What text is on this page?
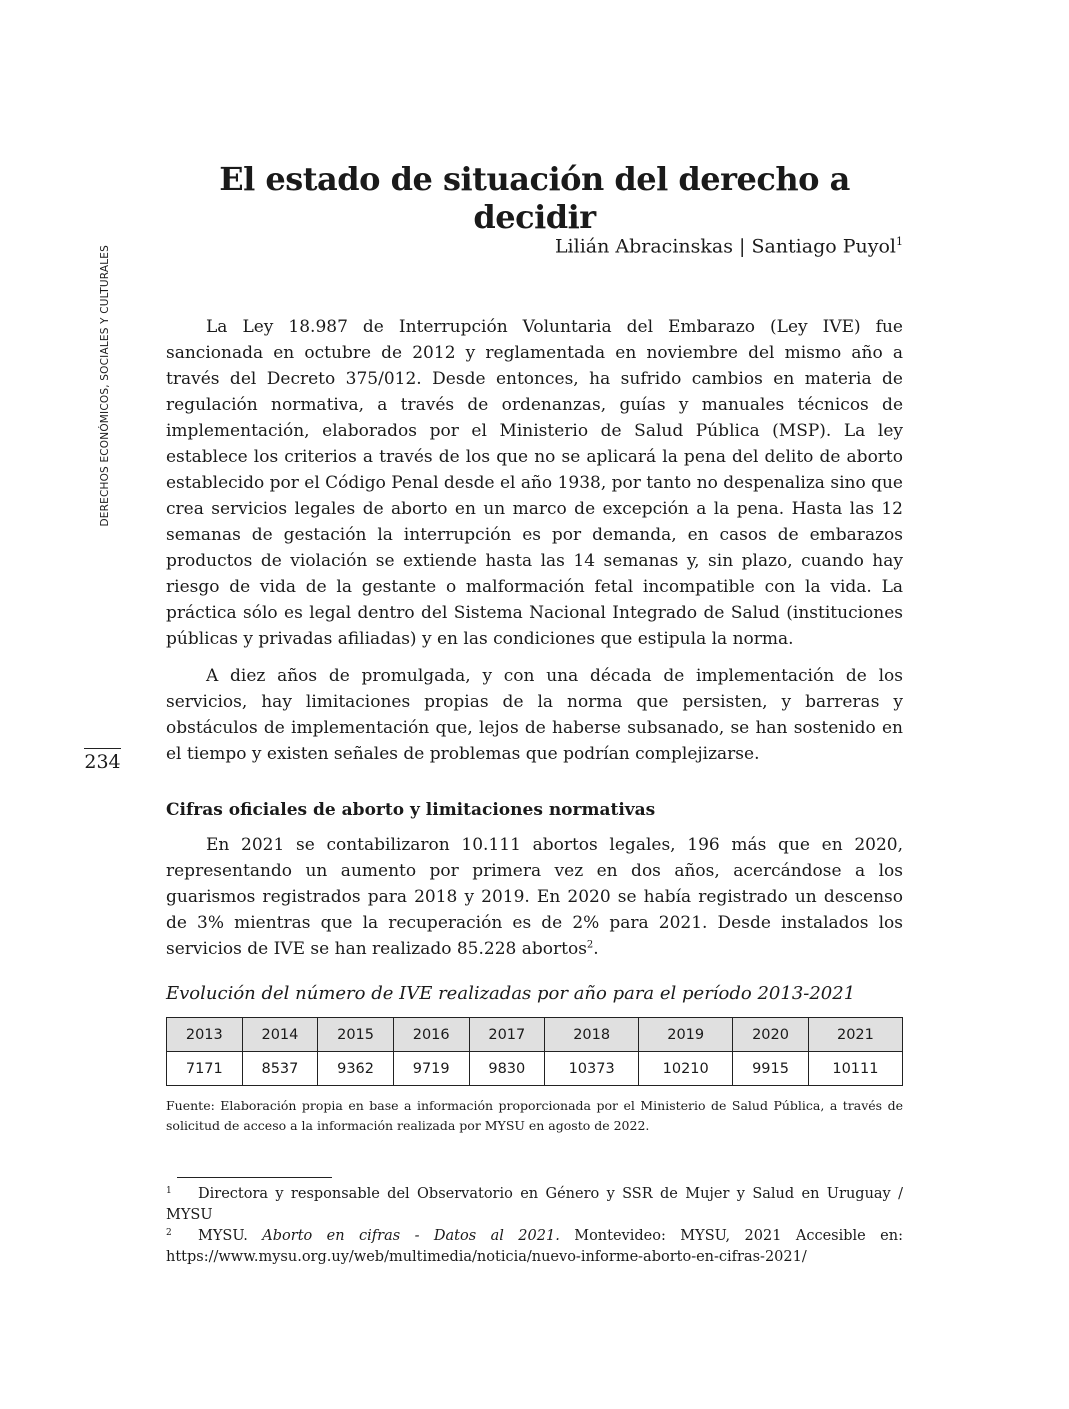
DERECHOS ECONÓMICOS, SOCIALES Y CULTURALES
234
El estado de situación del derecho a decidir
Lilián Abracinskas | Santiago Puyol$^1$

La Ley 18.987 de Interrupción Voluntaria del Embarazo (Ley IVE) fue sancionada en octubre de 2012 y reglamentada en noviembre del mismo año a través del Decreto 375/012. Desde entonces, ha sufrido cambios en materia de regulación normativa, a través de ordenanzas, guías y manuales técnicos de implementación, elaborados por el Ministerio de Salud Pública (MSP). La ley establece los criterios a través de los que no se aplicará la pena del delito de aborto establecido por el Código Penal desde el año 1938, por tanto no despenaliza sino que crea servicios legales de aborto en un marco de excepción a la pena. Hasta las 12 semanas de gestación la interrupción es por demanda, en casos de embarazos productos de violación se extiende hasta las 14 semanas y, sin plazo, cuando hay riesgo de vida de la gestante o malformación fetal incompatible con la vida. La práctica sólo es legal dentro del Sistema Nacional Integrado de Salud (instituciones públicas y privadas afiliadas) y en las condiciones que estipula la norma.

A diez años de promulgada, y con una década de implementación de los servicios, hay limitaciones propias de la norma que persisten, y barreras y obstáculos de implementación que, lejos de haberse subsanado, se han sostenido en el tiempo y existen señales de problemas que podrían complejizarse.

Cifras oficiales de aborto y limitaciones normativas

En 2021 se contabilizaron 10.111 abortos legales, 196 más que en 2020, representando un aumento por primera vez en dos años, acercándose a los guarismos registrados para 2018 y 2019. En 2020 se había registrado un descenso de 3% mientras que la recuperación es de 2% para 2021. Desde instalados los servicios de IVE se han realizado 85.228 abortos$^2$.

Evolución del número de IVE realizadas por año para el período 2013-2021
2013	2014	2015	2016	2017	2018	2019	2020	2021
7171	8537	9362	9719	9830	10373	10210	9915	10111

Fuente: Elaboración propia en base a información proporcionada por el Ministerio de Salud Pública, a través de solicitud de acceso a la información realizada por MYSU en agosto de 2022.

1 Directora y responsable del Observatorio en Género y SSR de Mujer y Salud en Uruguay / MYSU

2 MYSU. Aborto en cifras - Datos al 2021. Montevideo: MYSU, 2021 Accesible en: https://www.mysu.org.uy/web/multimedia/noticia/nuevo-informe-aborto-en-cifras-2021/
